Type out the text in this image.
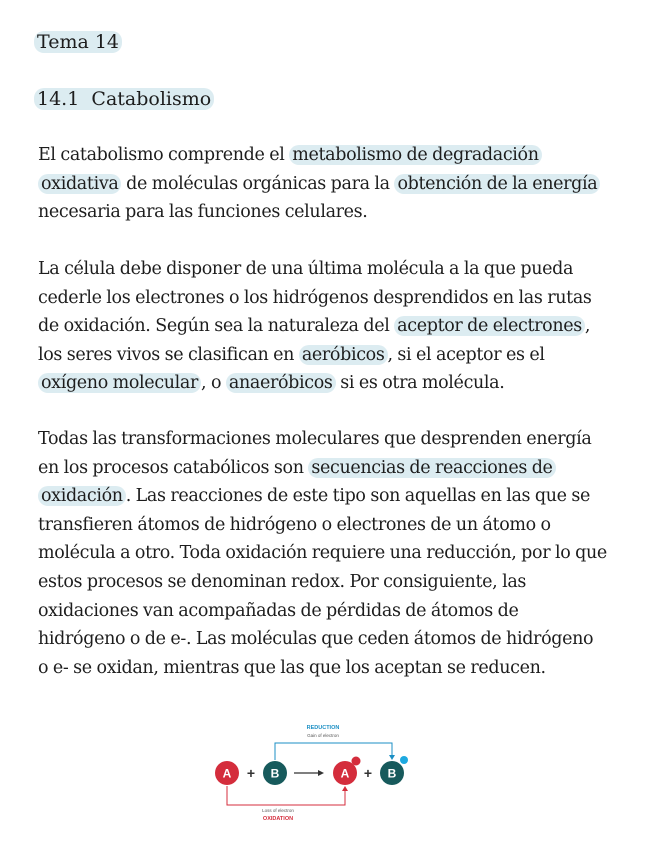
Tema 14
14.1 Catabolismo

El catabolismo comprende el metabolismo de degradación oxidativa de moléculas orgánicas para la obtención de la energía necesaria para las funciones celulares.

La célula debe disponer de una última molécula a la que pueda cederle los electrones o los hidrógenos desprendidos en las rutas de oxidación. Según sea la naturaleza del aceptor de electrones , los seres vivos se clasifican en aeróbicos , si el aceptor es el oxígeno molecular , o anaeróbicos si es otra molécula.

Todas las transformaciones moleculares que desprenden energía en los procesos catabólicos son secuencias de reacciones de oxidación . Las reacciones de este tipo son aquellas en las que se transfieren átomos de hidrógeno o electrones de un átomo o molécula a otro. Toda oxidación requiere una reducción, por lo que estos procesos se denominan redox. Por consiguiente, las oxidaciones van acompañadas de pérdidas de átomos de hidrógeno o de e-. Las moléculas que ceden átomos de hidrógeno o e- se oxidan, mientras que las que los aceptan se reducen.

REDUCTION
Gain of electron
A + B	A + B
Loss of electron
OXIDATION
